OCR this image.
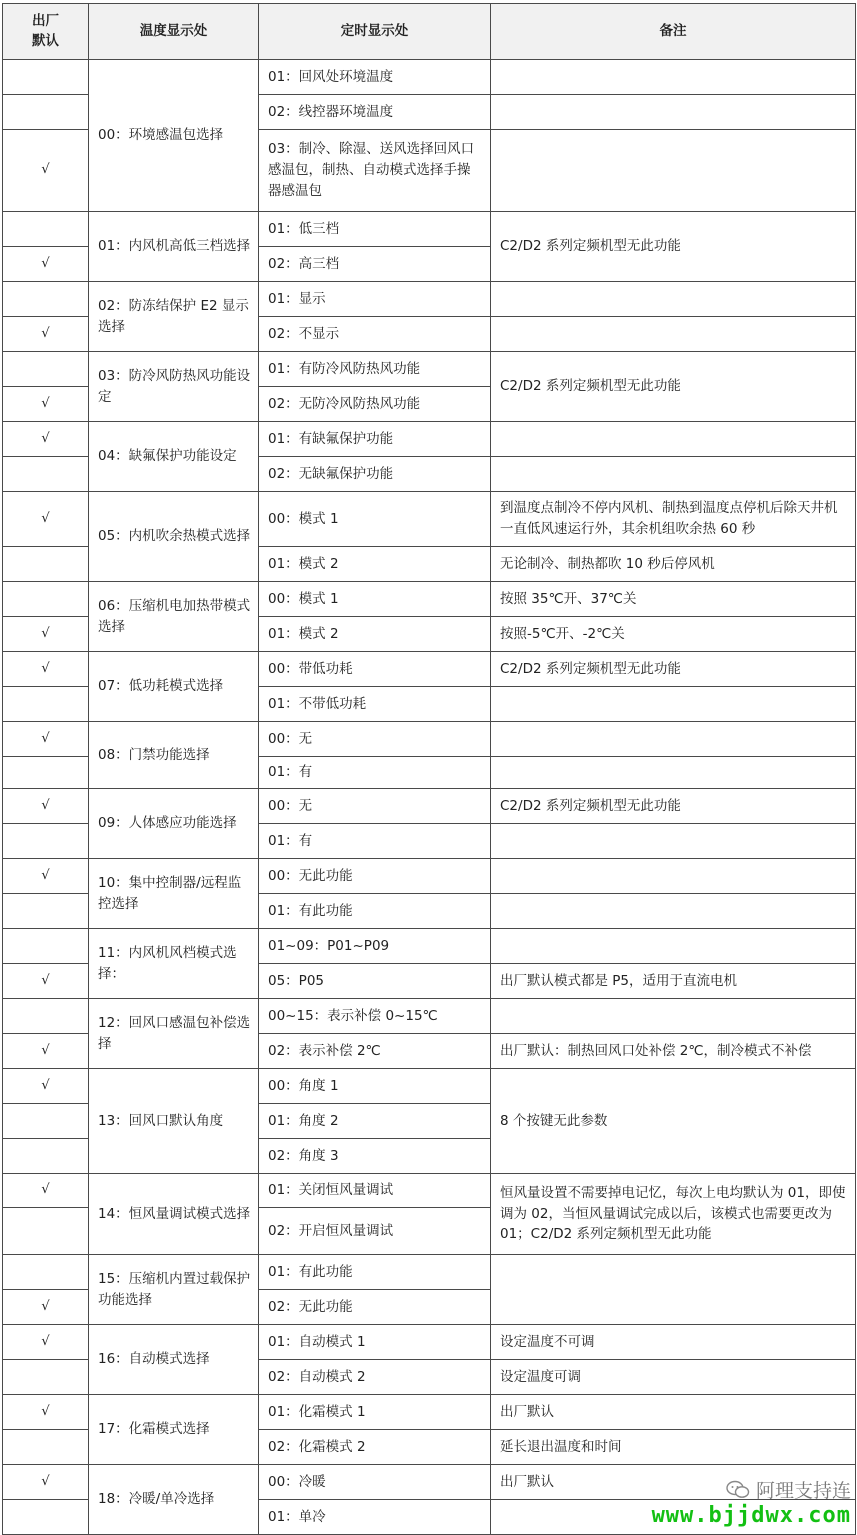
出厂
默认	温度显示处	定时显示处	备注
	00：环境感温包选择	01：回风处环境温度	
		02：线控器环境温度	
√		03：制冷、除湿、送风选择回风口感温包，制热、自动模式选择手操器感温包	
	01：内风机高低三档选择	01：低三档	C2/D2 系列定频机型无此功能
√		02：高三档	
	02：防冻结保护 E2 显示选择	01：显示	
√		02：不显示	
	03：防冷风防热风功能设定	01：有防冷风防热风功能	C2/D2 系列定频机型无此功能
√		02：无防冷风防热风功能	
√	04：缺氟保护功能设定	01：有缺氟保护功能	
		02：无缺氟保护功能	
√	05：内机吹余热模式选择	00：模式 1	到温度点制冷不停内风机、制热到温度点停机后除天井机一直低风速运行外，其余机组吹余热 60 秒
		01：模式 2	无论制冷、制热都吹 10 秒后停风机
	06：压缩机电加热带模式选择	00：模式 1	按照 35℃开、37℃关
√		01：模式 2	按照-5℃开、-2℃关
√	07：低功耗模式选择	00：带低功耗	C2/D2 系列定频机型无此功能
		01：不带低功耗	
√	08：门禁功能选择	00：无	
		01：有	
√	09：人体感应功能选择	00：无	C2/D2 系列定频机型无此功能
		01：有	
√	10：集中控制器/远程监控选择	00：无此功能	
		01：有此功能	
	11：内风机风档模式选择：	01~09：P01~P09	
√		05：P05	出厂默认模式都是 P5，适用于直流电机
	12：回风口感温包补偿选择	00~15：表示补偿 0~15℃	
√		02：表示补偿 2℃	出厂默认：制热回风口处补偿 2℃，制冷模式不补偿
√	13：回风口默认角度	00：角度 1	8 个按键无此参数
		01：角度 2	
		02：角度 3	
√	14：恒风量调试模式选择	01：关闭恒风量调试	恒风量设置不需要掉电记忆，每次上电均默认为 01，即使调为 02，当恒风量调试完成以后，该模式也需要更改为 01；C2/D2 系列定频机型无此功能
		02：开启恒风量调试	
	15：压缩机内置过载保护功能选择	01：有此功能	
√		02：无此功能	
√	16：自动模式选择	01：自动模式 1	设定温度不可调
		02：自动模式 2	设定温度可调
√	17：化霜模式选择	01：化霜模式 1	出厂默认
		02：化霜模式 2	延长退出温度和时间
√	18：冷暖/单冷选择	00：冷暖	出厂默认
		01：单冷	
阿理支持连
www.bjjdwx.com
